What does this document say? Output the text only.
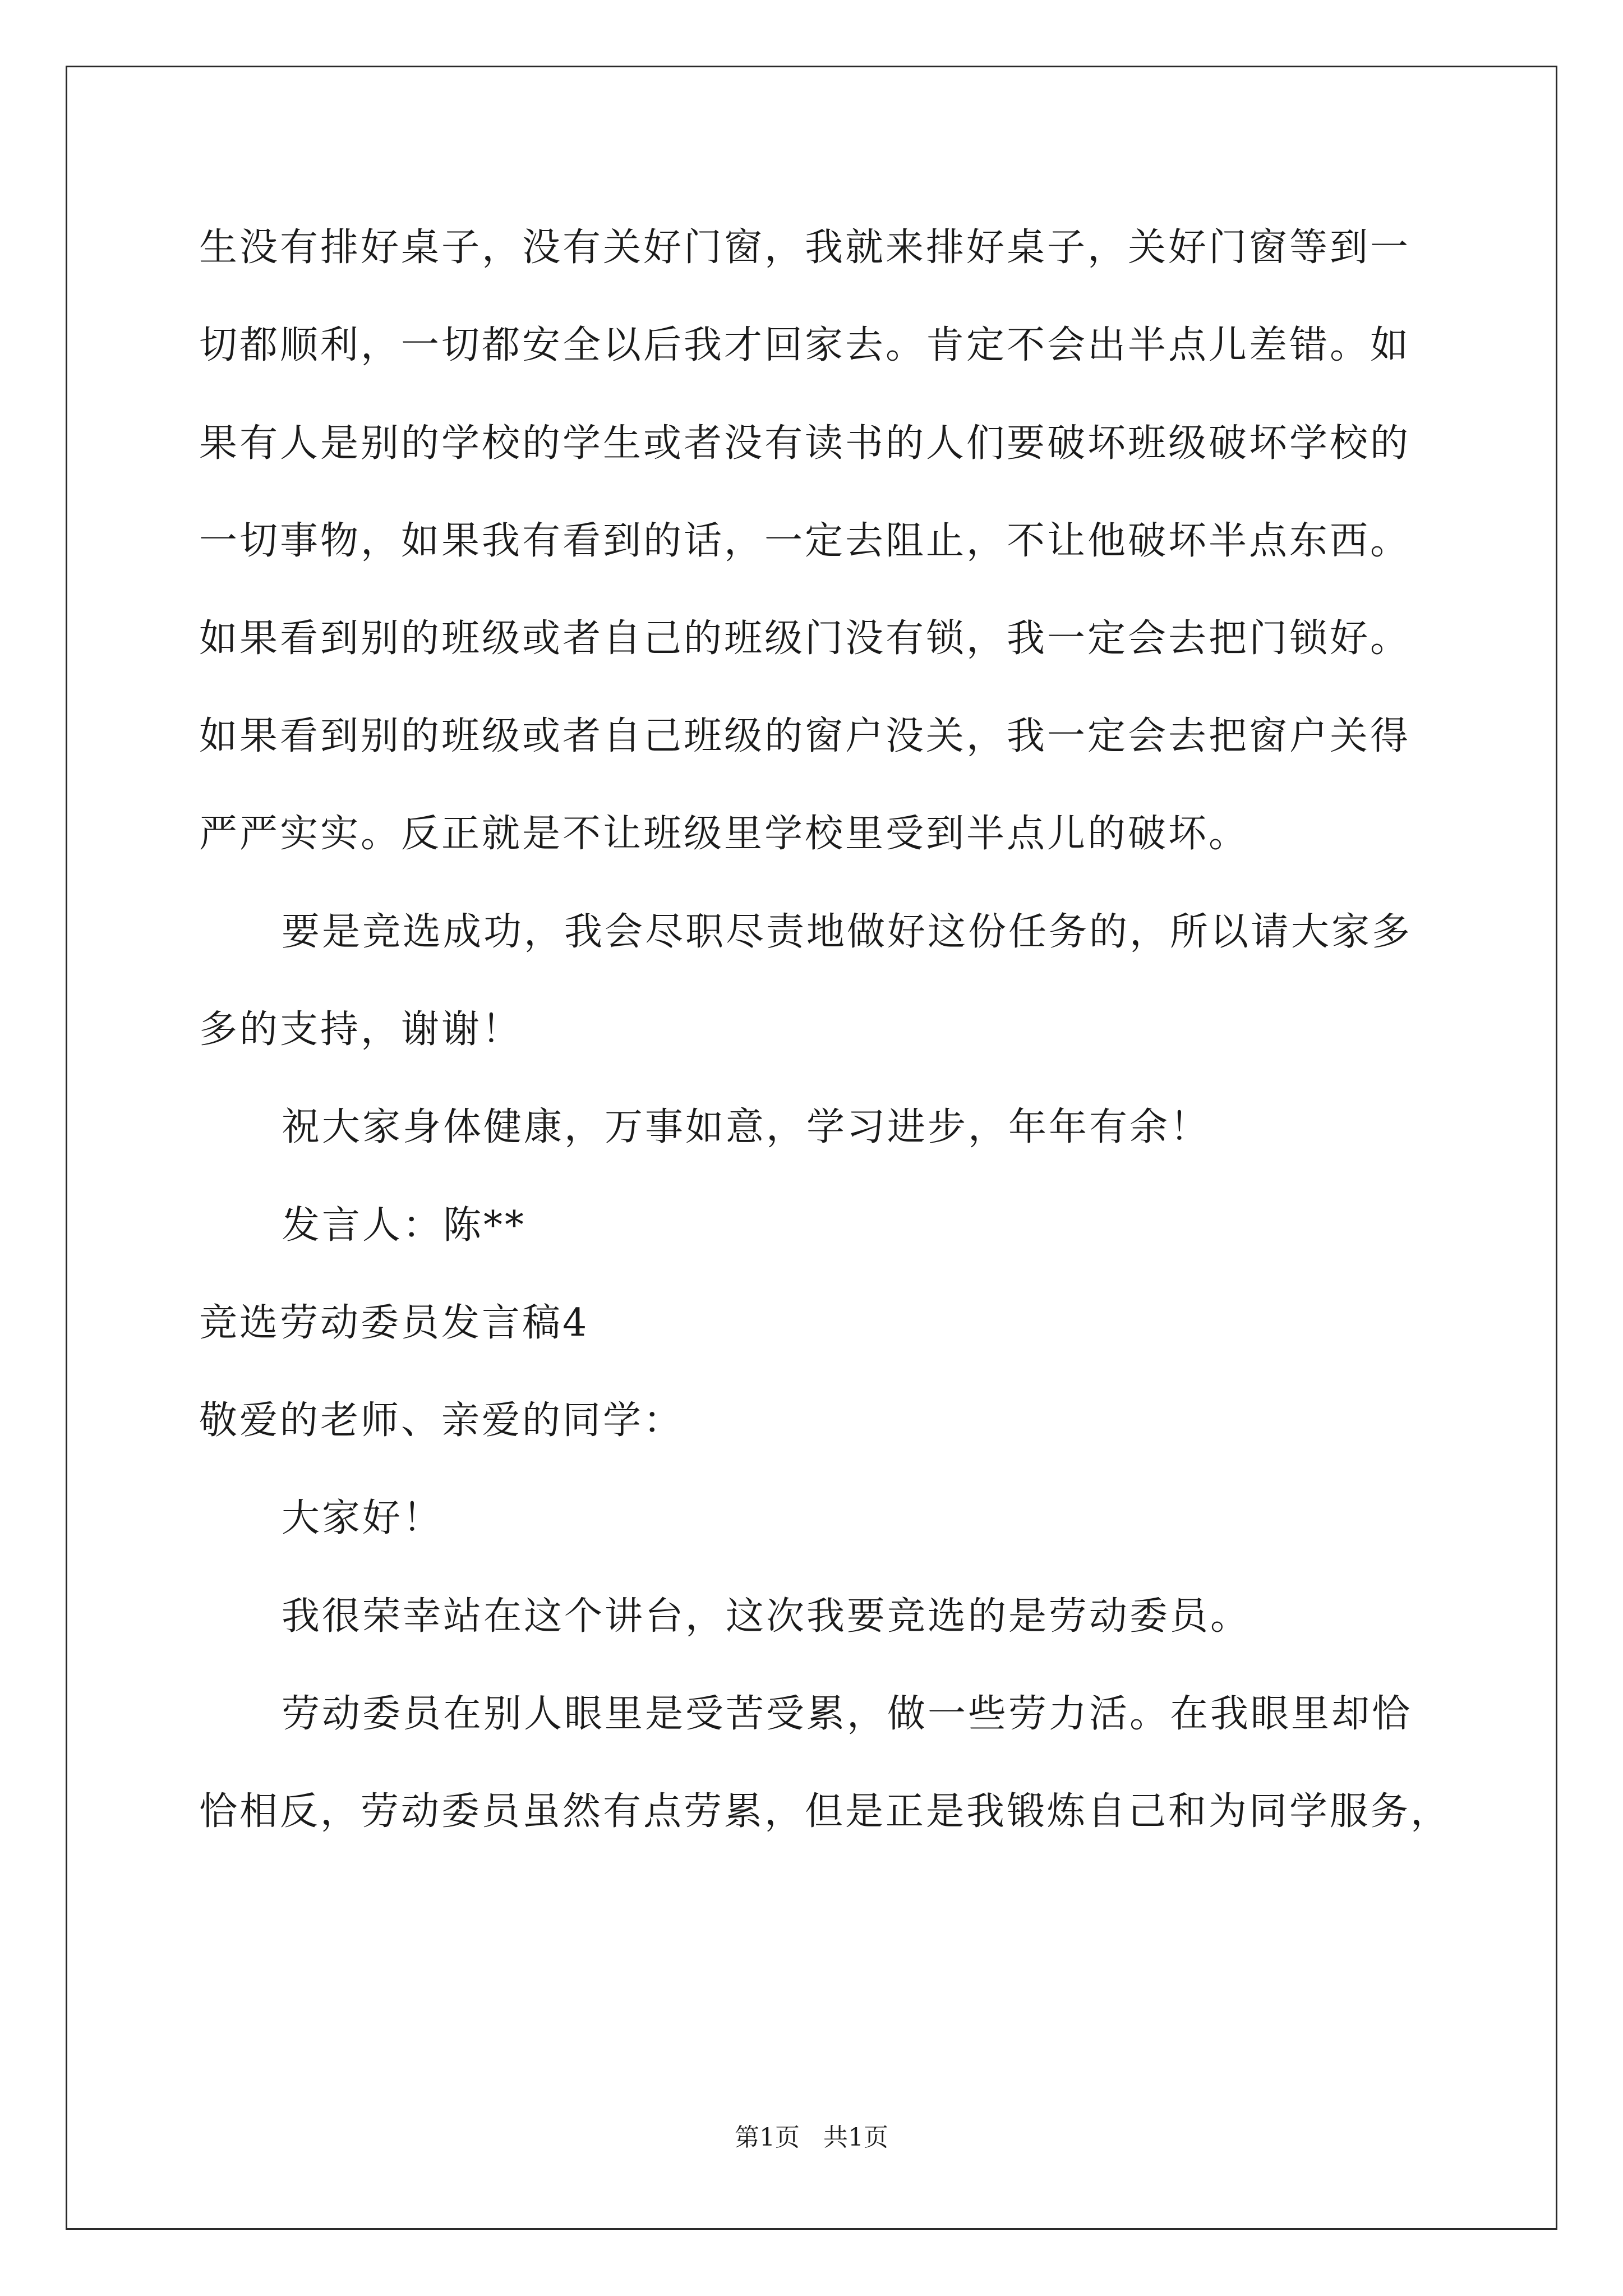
生没有排好桌子，没有关好门窗，我就来排好桌子，关好门窗等到一
切都顺利，一切都安全以后我才回家去。肯定不会出半点儿差错。如
果有人是别的学校的学生或者没有读书的人们要破坏班级破坏学校的
一切事物，如果我有看到的话，一定去阻止，不让他破坏半点东西。
如果看到别的班级或者自己的班级门没有锁，我一定会去把门锁好。
如果看到别的班级或者自己班级的窗户没关，我一定会去把窗户关得
严严实实。反正就是不让班级里学校里受到半点儿的破坏。
要是竞选成功，我会尽职尽责地做好这份任务的，所以请大家多
多的支持，谢谢！
祝大家身体健康，万事如意，学习进步，年年有余！
发言人：陈**
竞选劳动委员发言稿4
敬爱的老师、亲爱的同学：
大家好！
我很荣幸站在这个讲台，这次我要竞选的是劳动委员。
劳动委员在别人眼里是受苦受累，做一些劳力活。在我眼里却恰
恰相反，劳动委员虽然有点劳累，但是正是我锻炼自己和为同学服务，
第1页   共1页
